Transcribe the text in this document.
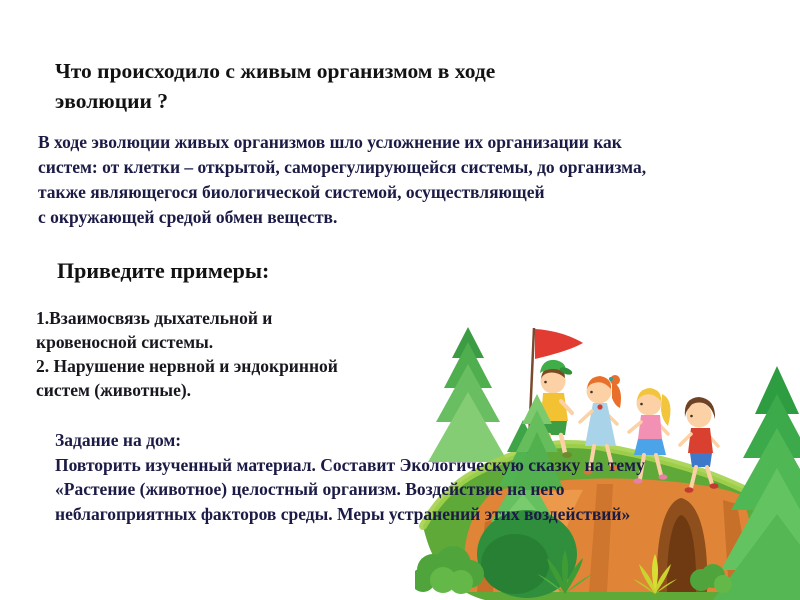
Что происходило с живым организмом в ходе
эволюции ?
В ходе эволюции живых организмов шло усложнение их организации как
систем: от клетки – открытой, саморегулирующейся системы, до организма,
также являющегося биологической системой, осуществляющей
с окружающей средой обмен веществ.
Приведите примеры:
1.Взаимосвязь дыхательной и
кровеносной системы.
2. Нарушение нервной и эндокринной
систем (животные).
Задание на дом:
Повторить изученный материал. Составит Экологическую сказку на тему
«Растение (животное) целостный организм. Воздействие на него
неблагоприятных факторов среды. Меры устранений этих воздействий»
